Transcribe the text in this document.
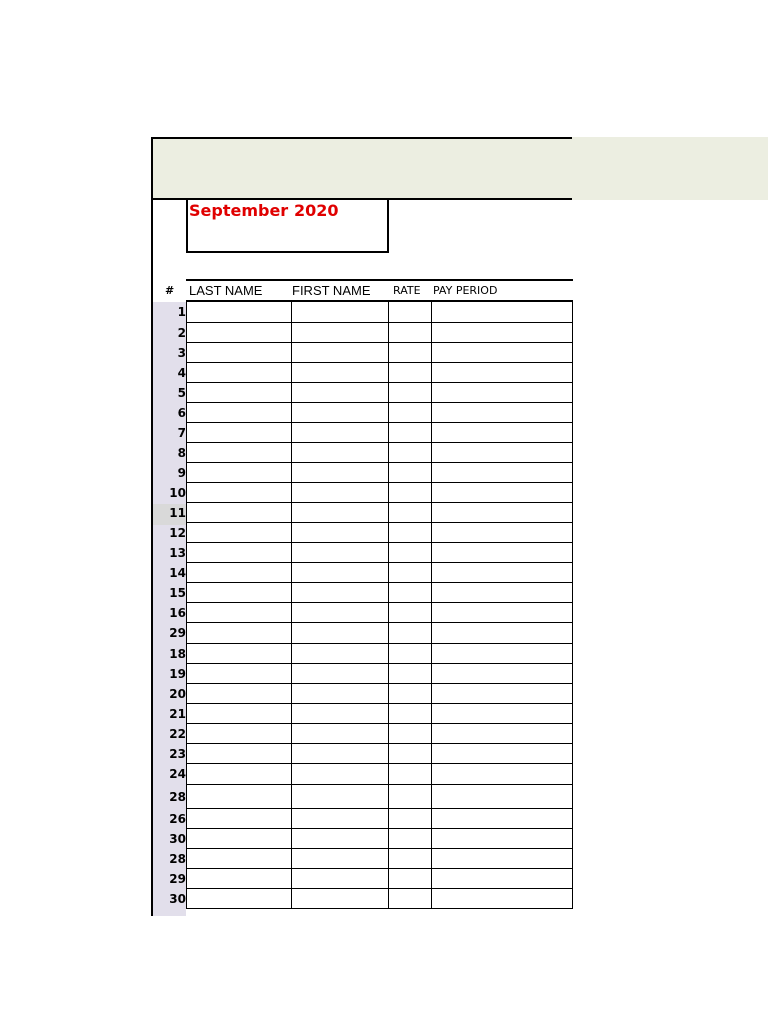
September 2020
# LAST NAME FIRST NAME RATE PAY PERIOD
1
2
3
4
5
6
7
8
9
10
11
12
13
14
15
16
29
18
19
20
21
22
23
24
28
26
30
28
29
30
